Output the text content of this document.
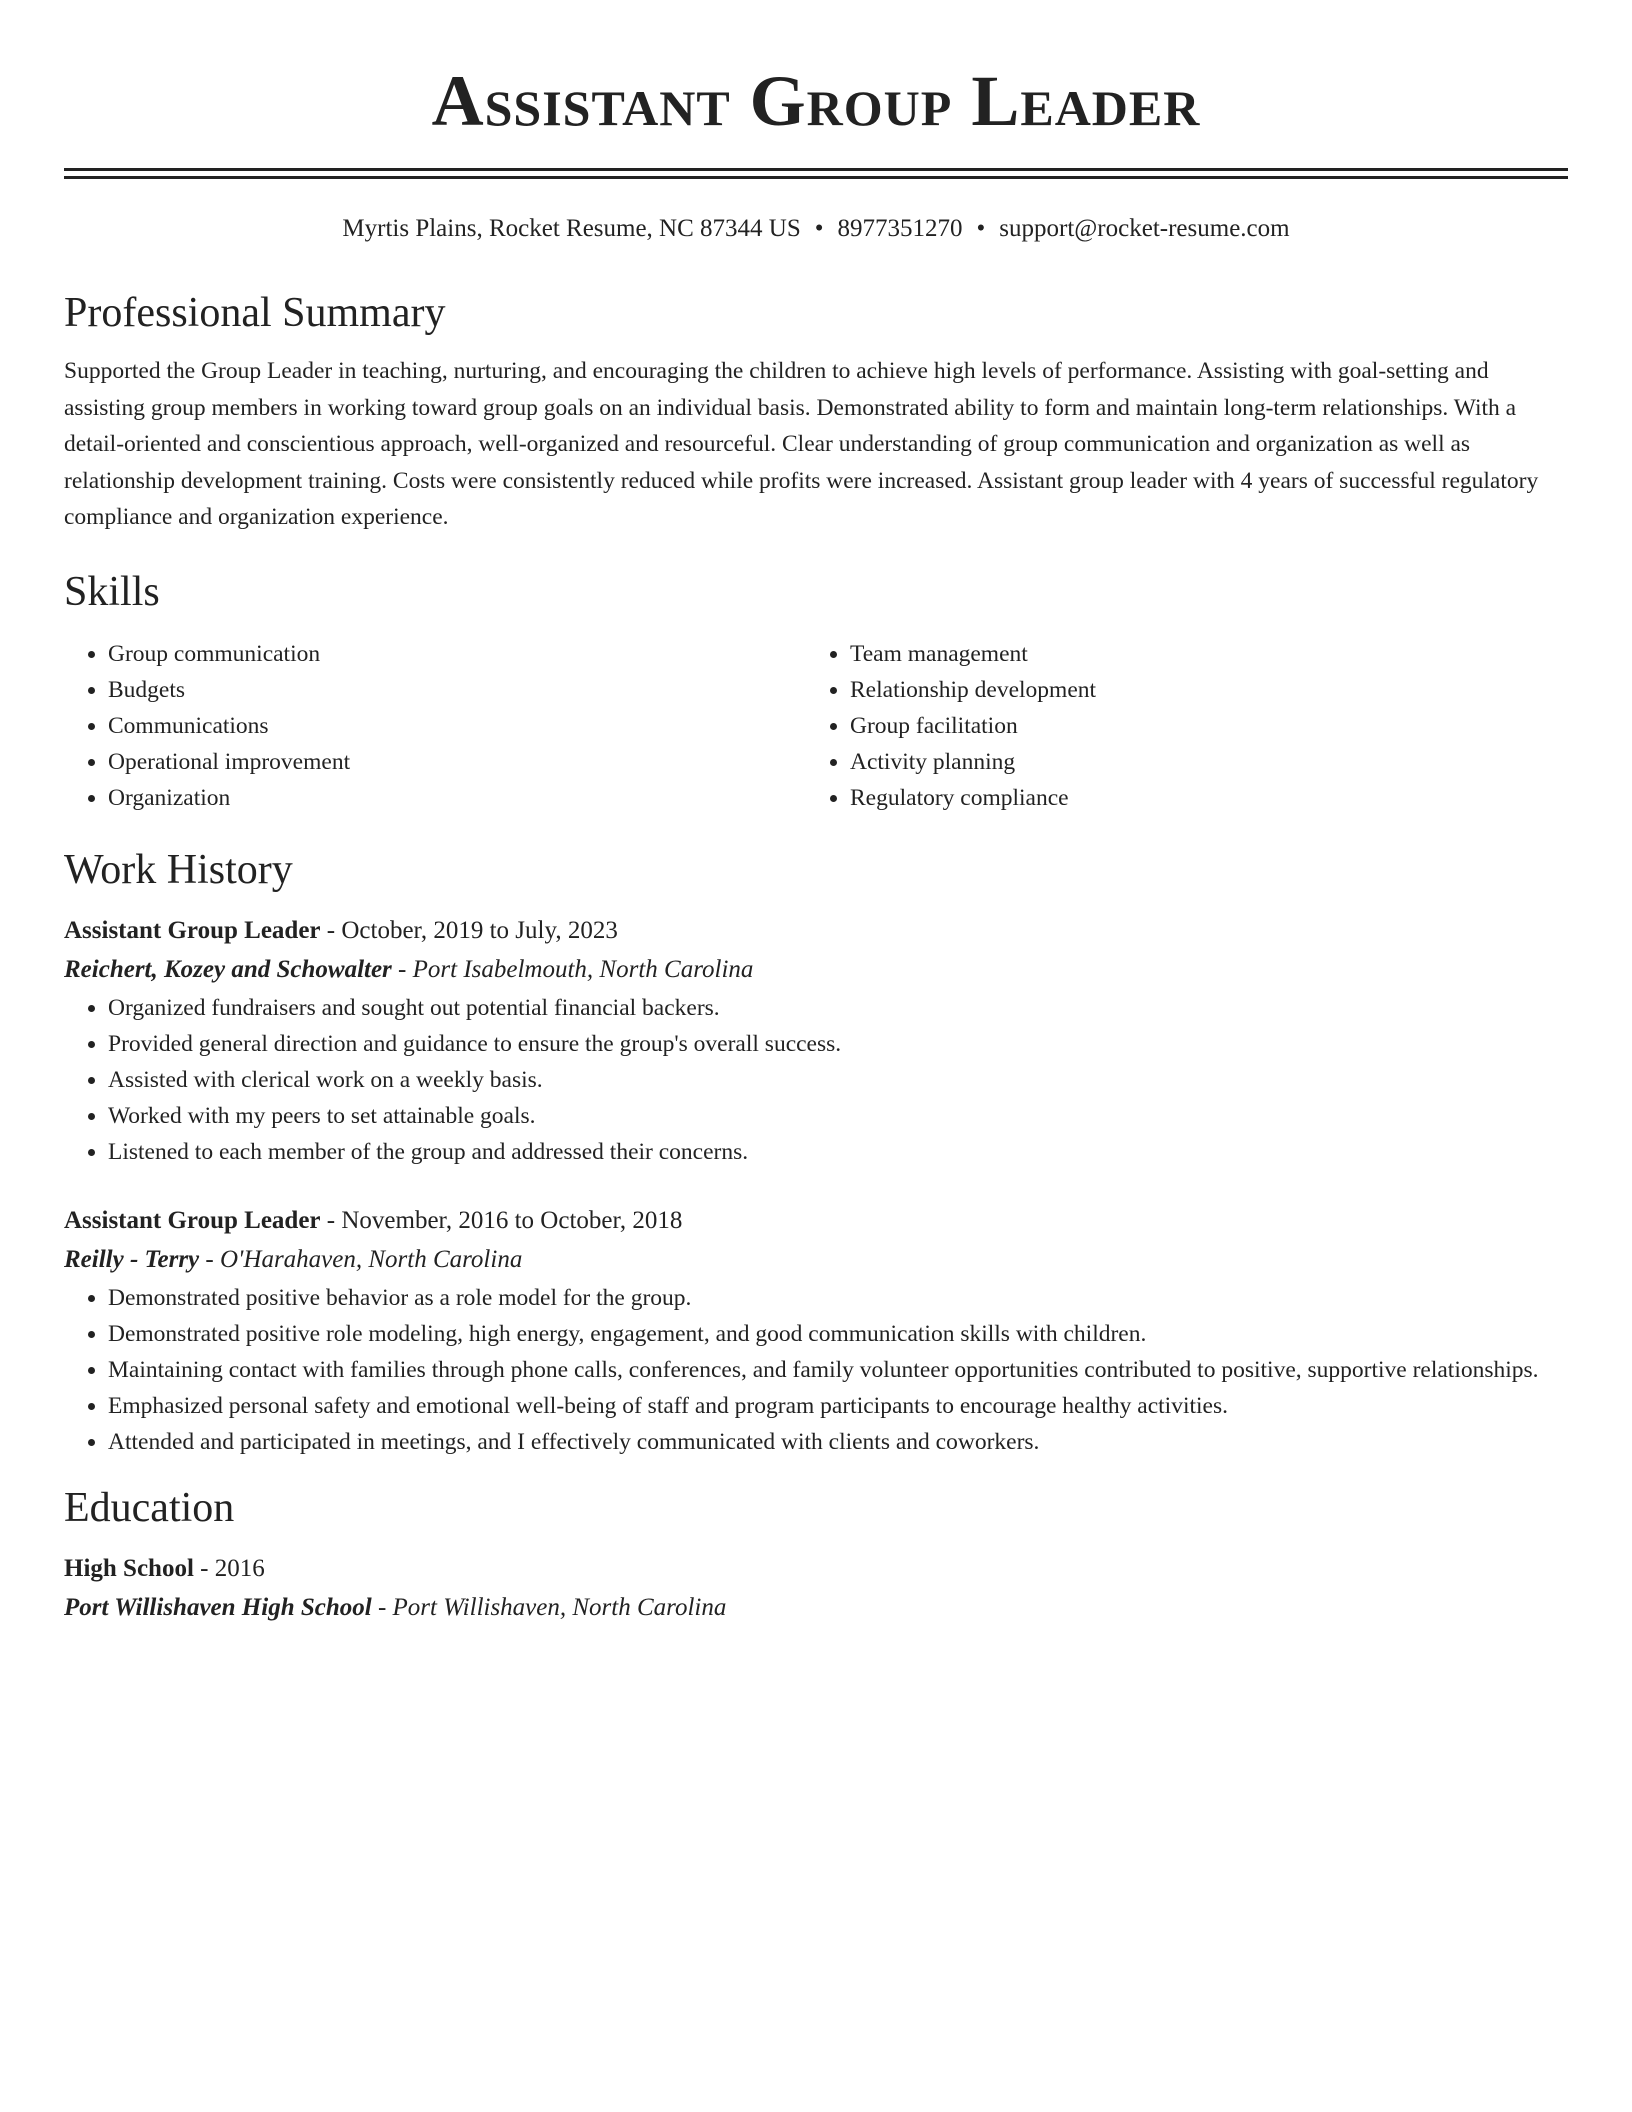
Assistant Group Leader
Myrtis Plains, Rocket Resume, NC 87344 US • 8977351270 • support@rocket-resume.com
Professional Summary

Supported the Group Leader in teaching, nurturing, and encouraging the children to achieve high levels of performance. Assisting with goal-setting and assisting group members in working toward group goals on an individual basis. Demonstrated ability to form and maintain long-term relationships. With a detail-oriented and conscientious approach, well-organized and resourceful. Clear understanding of group communication and organization as well as relationship development training. Costs were consistently reduced while profits were increased. Assistant group leader with 4 years of successful regulatory compliance and organization experience.

Skills
• Group communication
• Budgets
• Communications
• Operational improvement
• Organization
• Team management
• Relationship development
• Group facilitation
• Activity planning
• Regulatory compliance
Work History
Assistant Group Leader - October, 2019 to July, 2023
Reichert, Kozey and Schowalter - Port Isabelmouth, North Carolina
• Organized fundraisers and sought out potential financial backers.
• Provided general direction and guidance to ensure the group's overall success.
• Assisted with clerical work on a weekly basis.
• Worked with my peers to set attainable goals.
• Listened to each member of the group and addressed their concerns.
Assistant Group Leader - November, 2016 to October, 2018
Reilly - Terry - O'Harahaven, North Carolina
• Demonstrated positive behavior as a role model for the group.
• Demonstrated positive role modeling, high energy, engagement, and good communication skills with children.
• Maintaining contact with families through phone calls, conferences, and family volunteer opportunities contributed to positive, supportive relationships.
• Emphasized personal safety and emotional well-being of staff and program participants to encourage healthy activities.
• Attended and participated in meetings, and I effectively communicated with clients and coworkers.
Education
High School - 2016
Port Willishaven High School - Port Willishaven, North Carolina
